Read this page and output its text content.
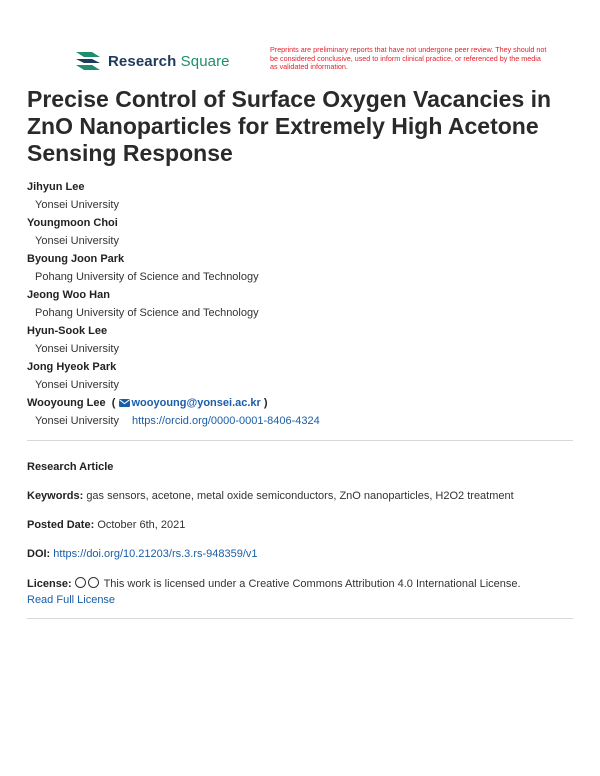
Research Square
Preprints are preliminary reports that have not undergone peer review. They should not be considered conclusive, used to inform clinical practice, or referenced by the media as validated information.
Precise Control of Surface Oxygen Vacancies in ZnO Nanoparticles for Extremely High Acetone Sensing Response
Jihyun Lee
Yonsei University
Youngmoon Choi
Yonsei University
Byoung Joon Park
Pohang University of Science and Technology
Jeong Woo Han
Pohang University of Science and Technology
Hyun-Sook Lee
Yonsei University
Jong Hyeok Park
Yonsei University
Wooyoung Lee ( wooyoung@yonsei.ac.kr )
Yonsei University https://orcid.org/0000-0001-8406-4324
Research Article
Keywords: gas sensors, acetone, metal oxide semiconductors, ZnO nanoparticles, H2O2 treatment
Posted Date: October 6th, 2021
DOI: https://doi.org/10.21203/rs.3.rs-948359/v1
License:	This work is licensed under a Creative Commons Attribution 4.0 International License.
Read Full License
